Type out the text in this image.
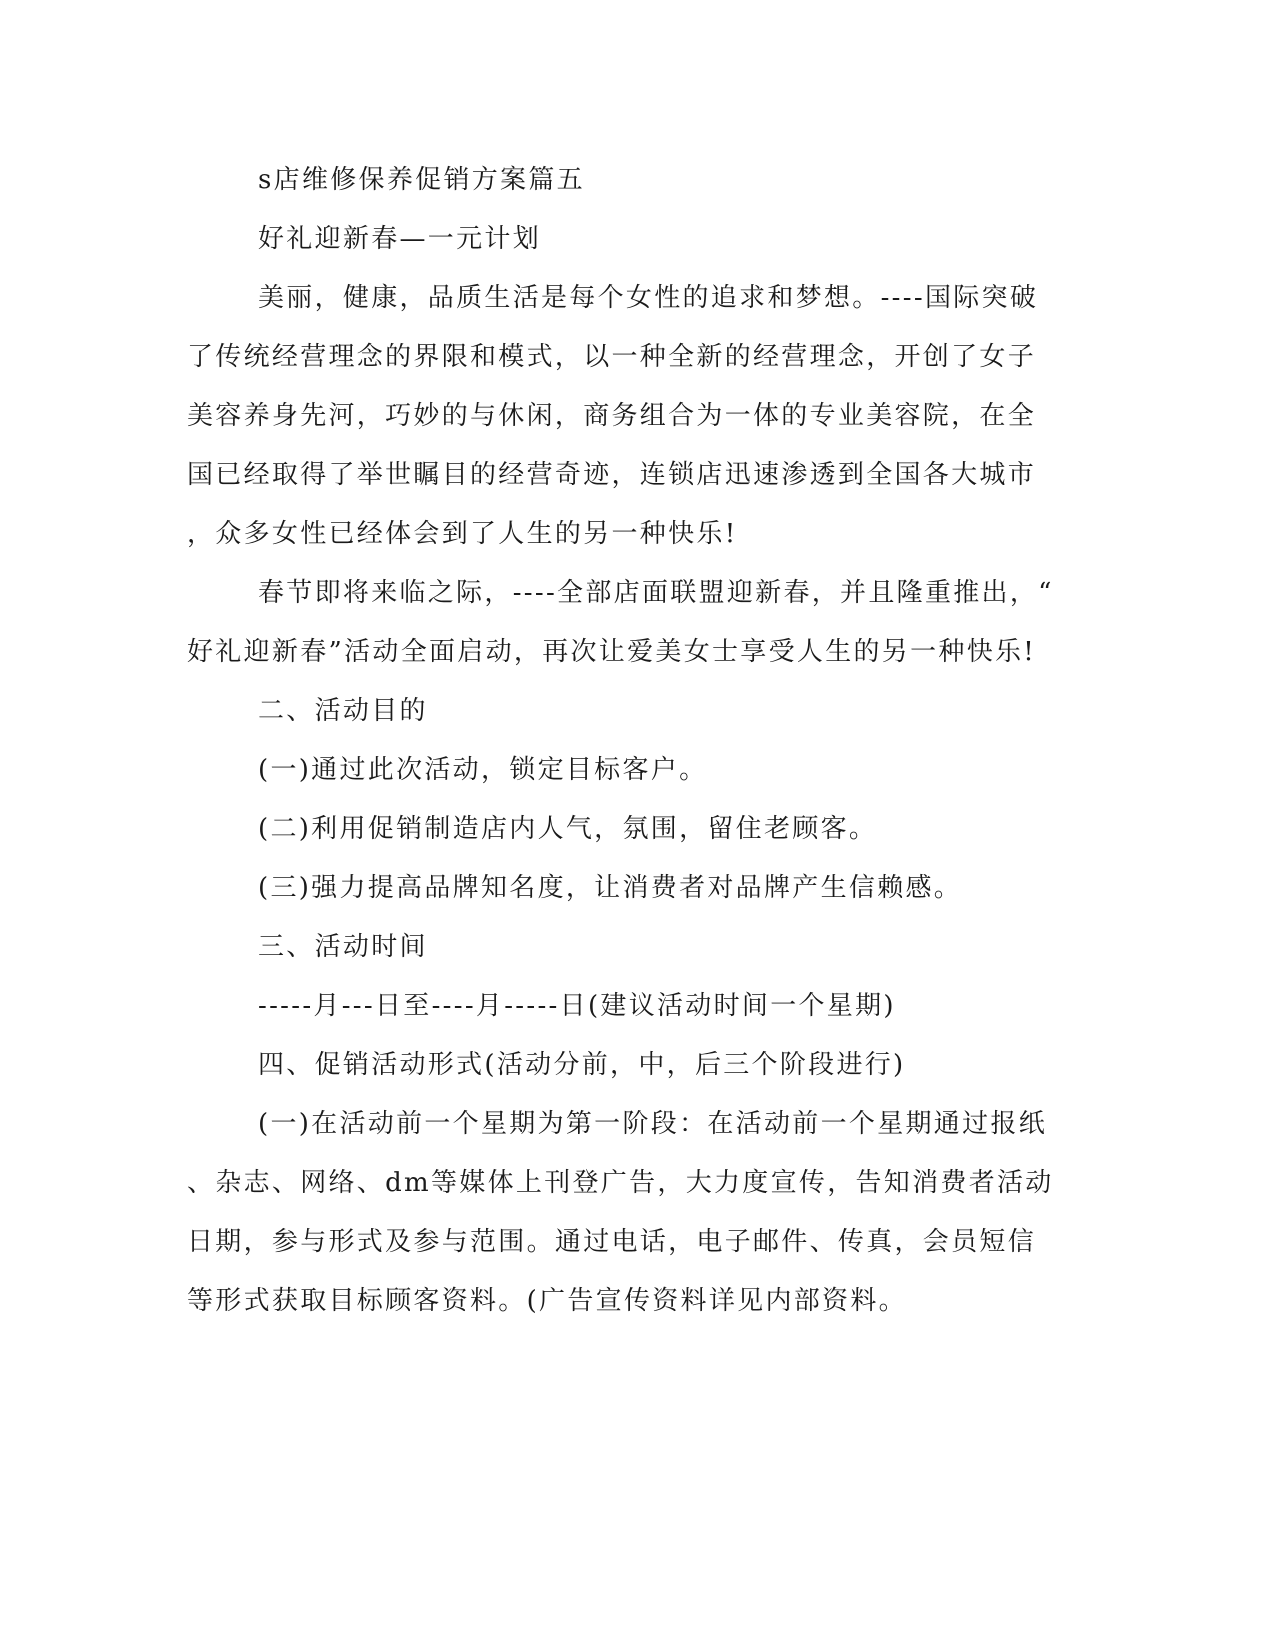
s店维修保养促销方案篇五
好礼迎新春—一元计划
美丽，健康，品质生活是每个女性的追求和梦想。----国际突破
了传统经营理念的界限和模式，以一种全新的经营理念，开创了女子
美容养身先河，巧妙的与休闲，商务组合为一体的专业美容院，在全
国已经取得了举世瞩目的经营奇迹，连锁店迅速渗透到全国各大城市
，众多女性已经体会到了人生的另一种快乐!
春节即将来临之际，----全部店面联盟迎新春，并且隆重推出，“
好礼迎新春”活动全面启动，再次让爱美女士享受人生的另一种快乐!
二、活动目的
(一)通过此次活动，锁定目标客户。
(二)利用促销制造店内人气，氛围，留住老顾客。
(三)强力提高品牌知名度，让消费者对品牌产生信赖感。
三、活动时间
-----月---日至----月-----日(建议活动时间一个星期)
四、促销活动形式(活动分前，中，后三个阶段进行)
(一)在活动前一个星期为第一阶段：在活动前一个星期通过报纸
、杂志、网络、dm等媒体上刊登广告，大力度宣传，告知消费者活动
日期，参与形式及参与范围。通过电话，电子邮件、传真，会员短信
等形式获取目标顾客资料。(广告宣传资料详见内部资料。
